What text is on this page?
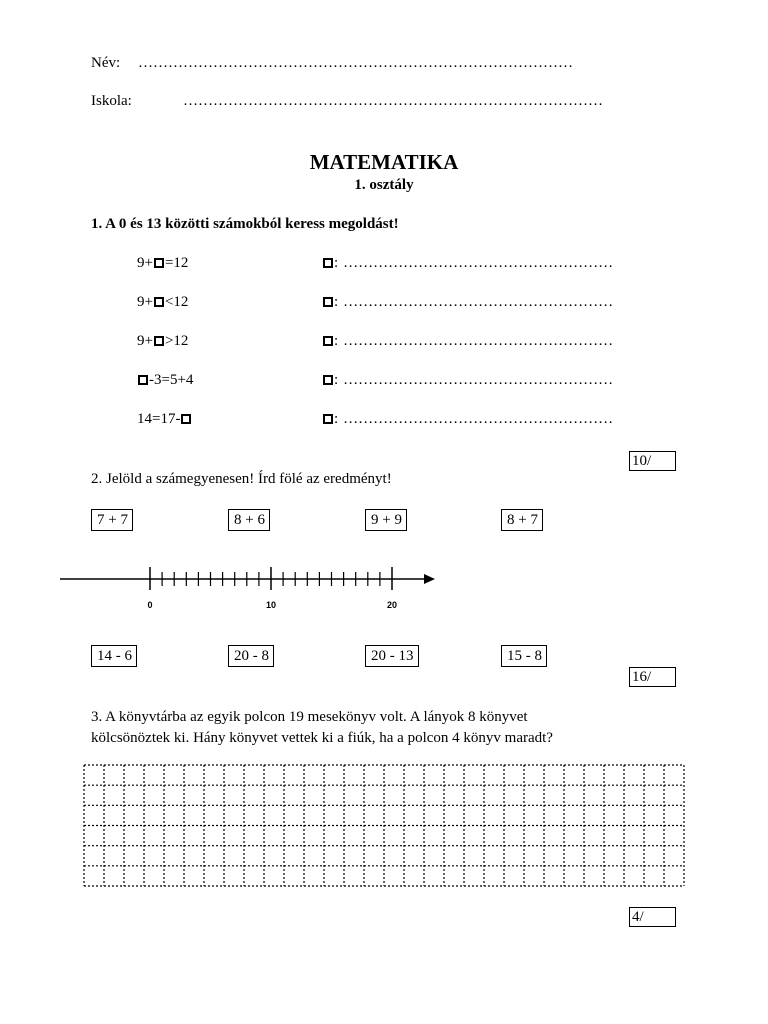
Név: ……………………………………………………………………………
Iskola:	…………………………………………………………………………
MATEMATIKA
1. osztály
1. A 0 és 13 közötti számokból keress megoldást!
9+ =12	: ………………………………………………
9+ <12	: ………………………………………………
9+ >12	: ………………………………………………
-3=5+4	: ………………………………………………
14=17-	: ………………………………………………
10/
2. Jelöld a számegyenesen! Írd fölé az eredményt!
7 + 7	8 + 6	9 + 9	8 + 7
0	10	20
14 - 6	20 - 8	20 - 13	15 - 8
16/
3. A könyvtárba az egyik polcon 19 mesekönyv volt. A lányok 8 könyvet
kölcsönöztek ki. Hány könyvet vettek ki a fiúk, ha a polcon 4 könyv maradt?
4/
